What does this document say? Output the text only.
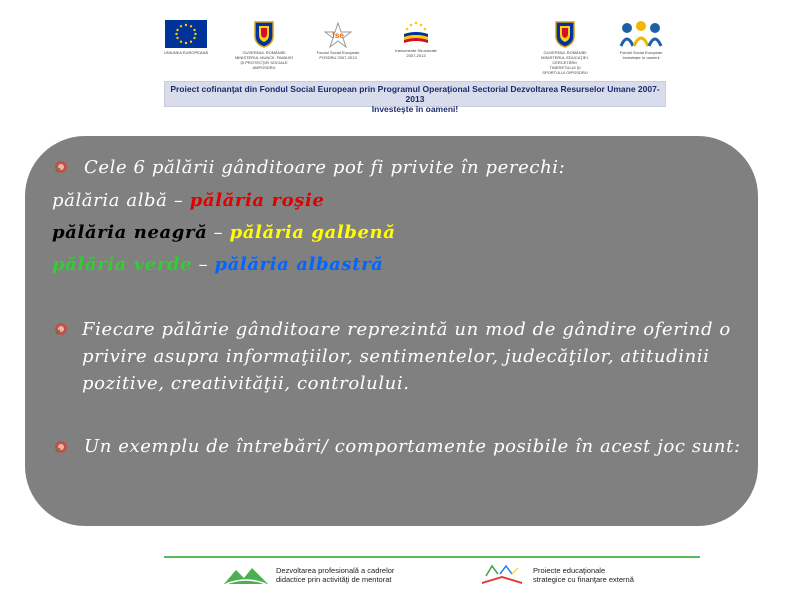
UNIUNEA EUROPEANĂ	GUVERNUL ROMÂNIEI MINISTERUL MUNCII, FAMILIEI ŞI PROTECŢIEI SOCIALE AMPOSDRU
fse
Fondul Social European POSDRU 2007-2013
Instrumente Structurale 2007-2013
GUVERNUL ROMÂNIEI MINISTERUL EDUCAŢIEI, CERCETĂRII, TINERETULUI ŞI SPORTULUI OIPOSDRU
Fondul Social European Investeşte în oameni
Proiect cofinanţat din Fondul Social European prin Programul Operaţional Sectorial Dezvoltarea Resurselor Umane 2007-2013
Investeşte în oameni!
Cele 6 pălării gânditoare pot fi privite în perechi:
pălăria albă – pălăria roşie
pălăria neagră – pălăria galbenă
pălăria verde – pălăria albastră
Fiecare pălărie gânditoare reprezintă un mod de gândire oferind o privire asupra informaţiilor, sentimentelor, judecăţilor, atitudinii pozitive, creativităţii, controlului.
Un exemplu de întrebări/ comportamente posibile în acest joc sunt:
Dezvoltarea profesională a cadrelor
didactice prin activităţi de mentorat
Proiecte educaţionale
strategice cu finanţare externă
